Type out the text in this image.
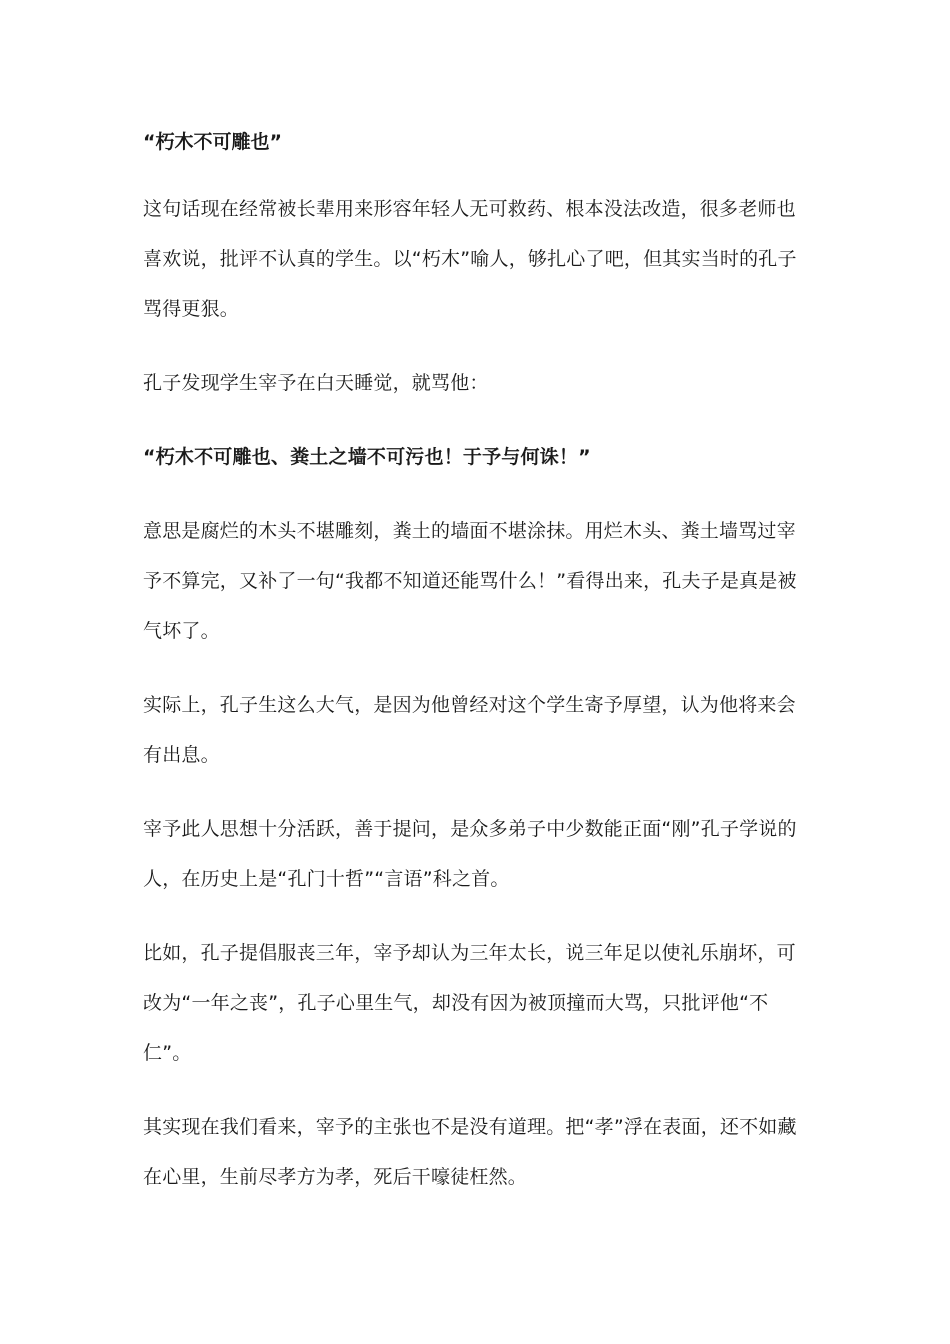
“朽木不可雕也”

这句话现在经常被长辈用来形容年轻人无可救药、根本没法改造，很多老师也喜欢说，批评不认真的学生。以“朽木”喻人，够扎心了吧，但其实当时的孔子骂得更狠。

孔子发现学生宰予在白天睡觉，就骂他：

“朽木不可雕也、粪土之墙不可污也！于予与何诛！”

意思是腐烂的木头不堪雕刻，粪土的墙面不堪涂抹。用烂木头、粪土墙骂过宰予不算完，又补了一句“我都不知道还能骂什么！”看得出来，孔夫子是真是被气坏了。

实际上，孔子生这么大气，是因为他曾经对这个学生寄予厚望，认为他将来会有出息。

宰予此人思想十分活跃，善于提问，是众多弟子中少数能正面“刚”孔子学说的人，在历史上是“孔门十哲”“言语”科之首。

比如，孔子提倡服丧三年，宰予却认为三年太长，说三年足以使礼乐崩坏，可改为“一年之丧”，孔子心里生气，却没有因为被顶撞而大骂，只批评他“不仁”。

其实现在我们看来，宰予的主张也不是没有道理。把“孝”浮在表面，还不如藏在心里，生前尽孝方为孝，死后干嚎徒枉然。
